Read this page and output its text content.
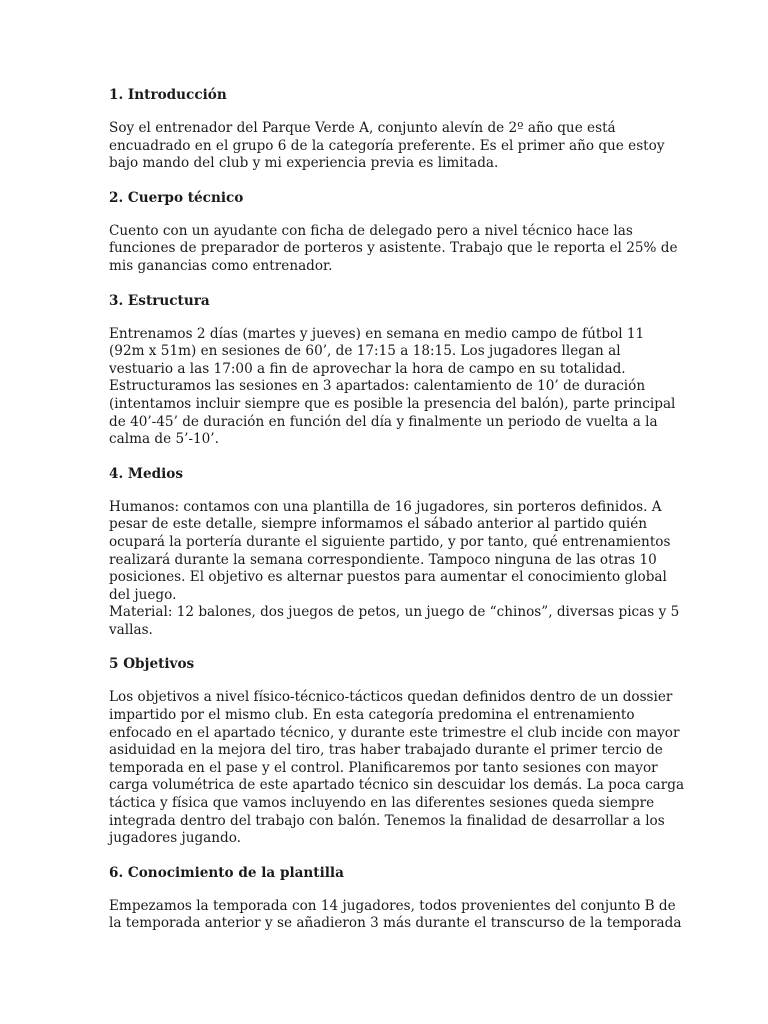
1. Introducción
Soy el entrenador del Parque Verde A, conjunto alevín de 2º año que está
encuadrado en el grupo 6 de la categoría preferente. Es el primer año que estoy
bajo mando del club y mi experiencia previa es limitada.
2. Cuerpo técnico
Cuento con un ayudante con ficha de delegado pero a nivel técnico hace las
funciones de preparador de porteros y asistente. Trabajo que le reporta el 25% de
mis ganancias como entrenador.
3. Estructura
Entrenamos 2 días (martes y jueves) en semana en medio campo de fútbol 11
(92m x 51m) en sesiones de 60’, de 17:15 a 18:15. Los jugadores llegan al
vestuario a las 17:00 a fin de aprovechar la hora de campo en su totalidad.
Estructuramos las sesiones en 3 apartados: calentamiento de 10’ de duración
(intentamos incluir siempre que es posible la presencia del balón), parte principal
de 40’-45’ de duración en función del día y finalmente un periodo de vuelta a la
calma de 5’-10’.
4. Medios
Humanos: contamos con una plantilla de 16 jugadores, sin porteros definidos. A
pesar de este detalle, siempre informamos el sábado anterior al partido quién
ocupará la portería durante el siguiente partido, y por tanto, qué entrenamientos
realizará durante la semana correspondiente. Tampoco ninguna de las otras 10
posiciones. El objetivo es alternar puestos para aumentar el conocimiento global
del juego.
Material: 12 balones, dos juegos de petos, un juego de “chinos”, diversas picas y 5
vallas.
5 Objetivos
Los objetivos a nivel físico-técnico-tácticos quedan definidos dentro de un dossier
impartido por el mismo club. En esta categoría predomina el entrenamiento
enfocado en el apartado técnico, y durante este trimestre el club incide con mayor
asiduidad en la mejora del tiro, tras haber trabajado durante el primer tercio de
temporada en el pase y el control. Planificaremos por tanto sesiones con mayor
carga volumétrica de este apartado técnico sin descuidar los demás. La poca carga
táctica y física que vamos incluyendo en las diferentes sesiones queda siempre
integrada dentro del trabajo con balón. Tenemos la finalidad de desarrollar a los
jugadores jugando.
6. Conocimiento de la plantilla
Empezamos la temporada con 14 jugadores, todos provenientes del conjunto B de
la temporada anterior y se añadieron 3 más durante el transcurso de la temporada
